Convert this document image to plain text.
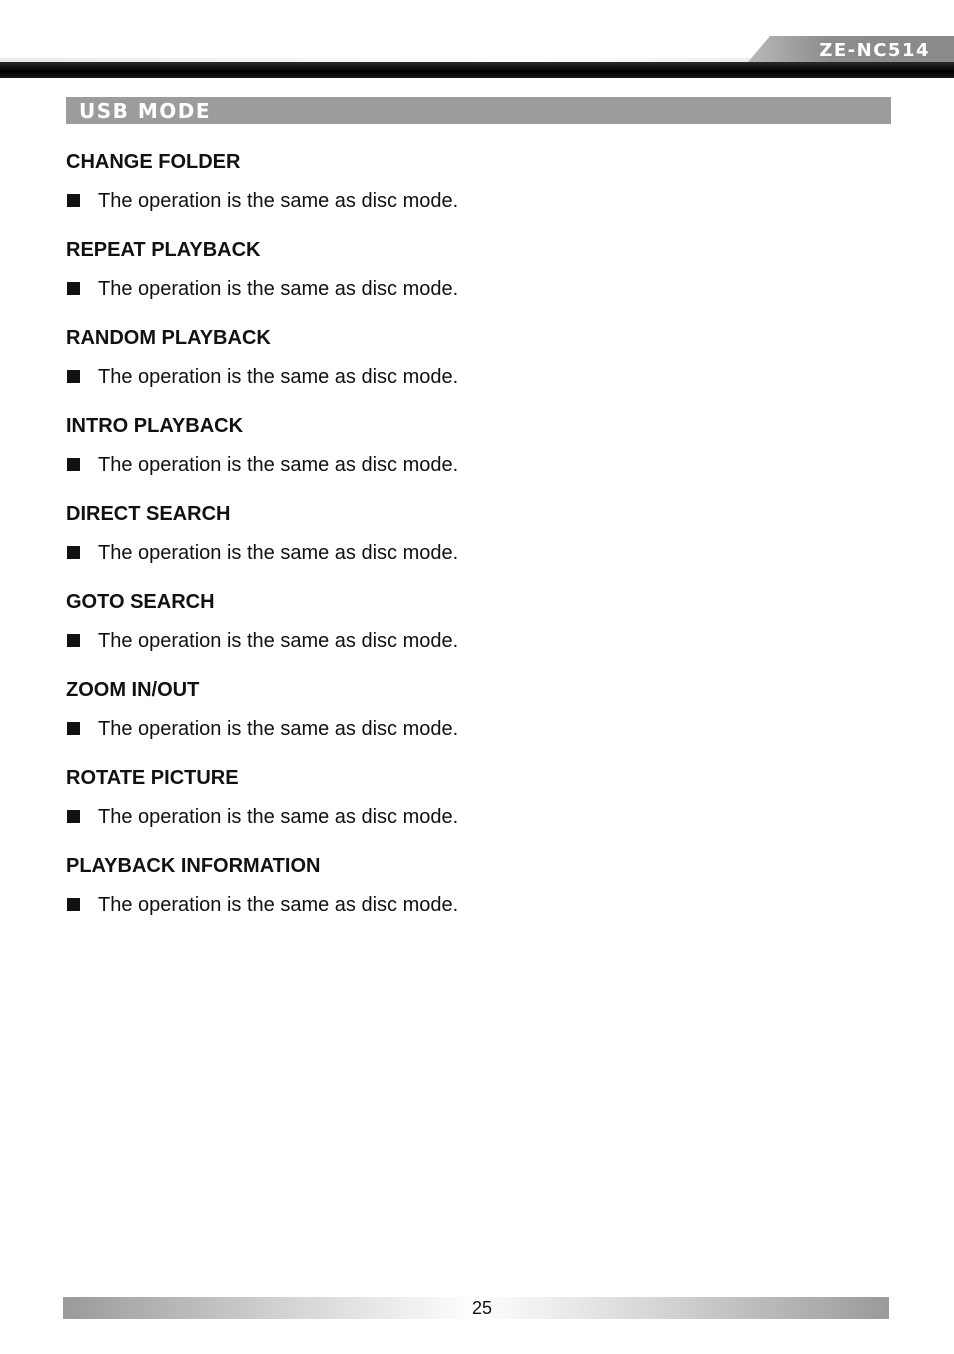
ZE-NC514
USB MODE
CHANGE FOLDER
The operation is the same as disc mode.
REPEAT PLAYBACK
The operation is the same as disc mode.
RANDOM PLAYBACK
The operation is the same as disc mode.
INTRO PLAYBACK
The operation is the same as disc mode.
DIRECT SEARCH
The operation is the same as disc mode.
GOTO SEARCH
The operation is the same as disc mode.
ZOOM IN/OUT
The operation is the same as disc mode.
ROTATE PICTURE
The operation is the same as disc mode.
PLAYBACK INFORMATION
The operation is the same as disc mode.
25
